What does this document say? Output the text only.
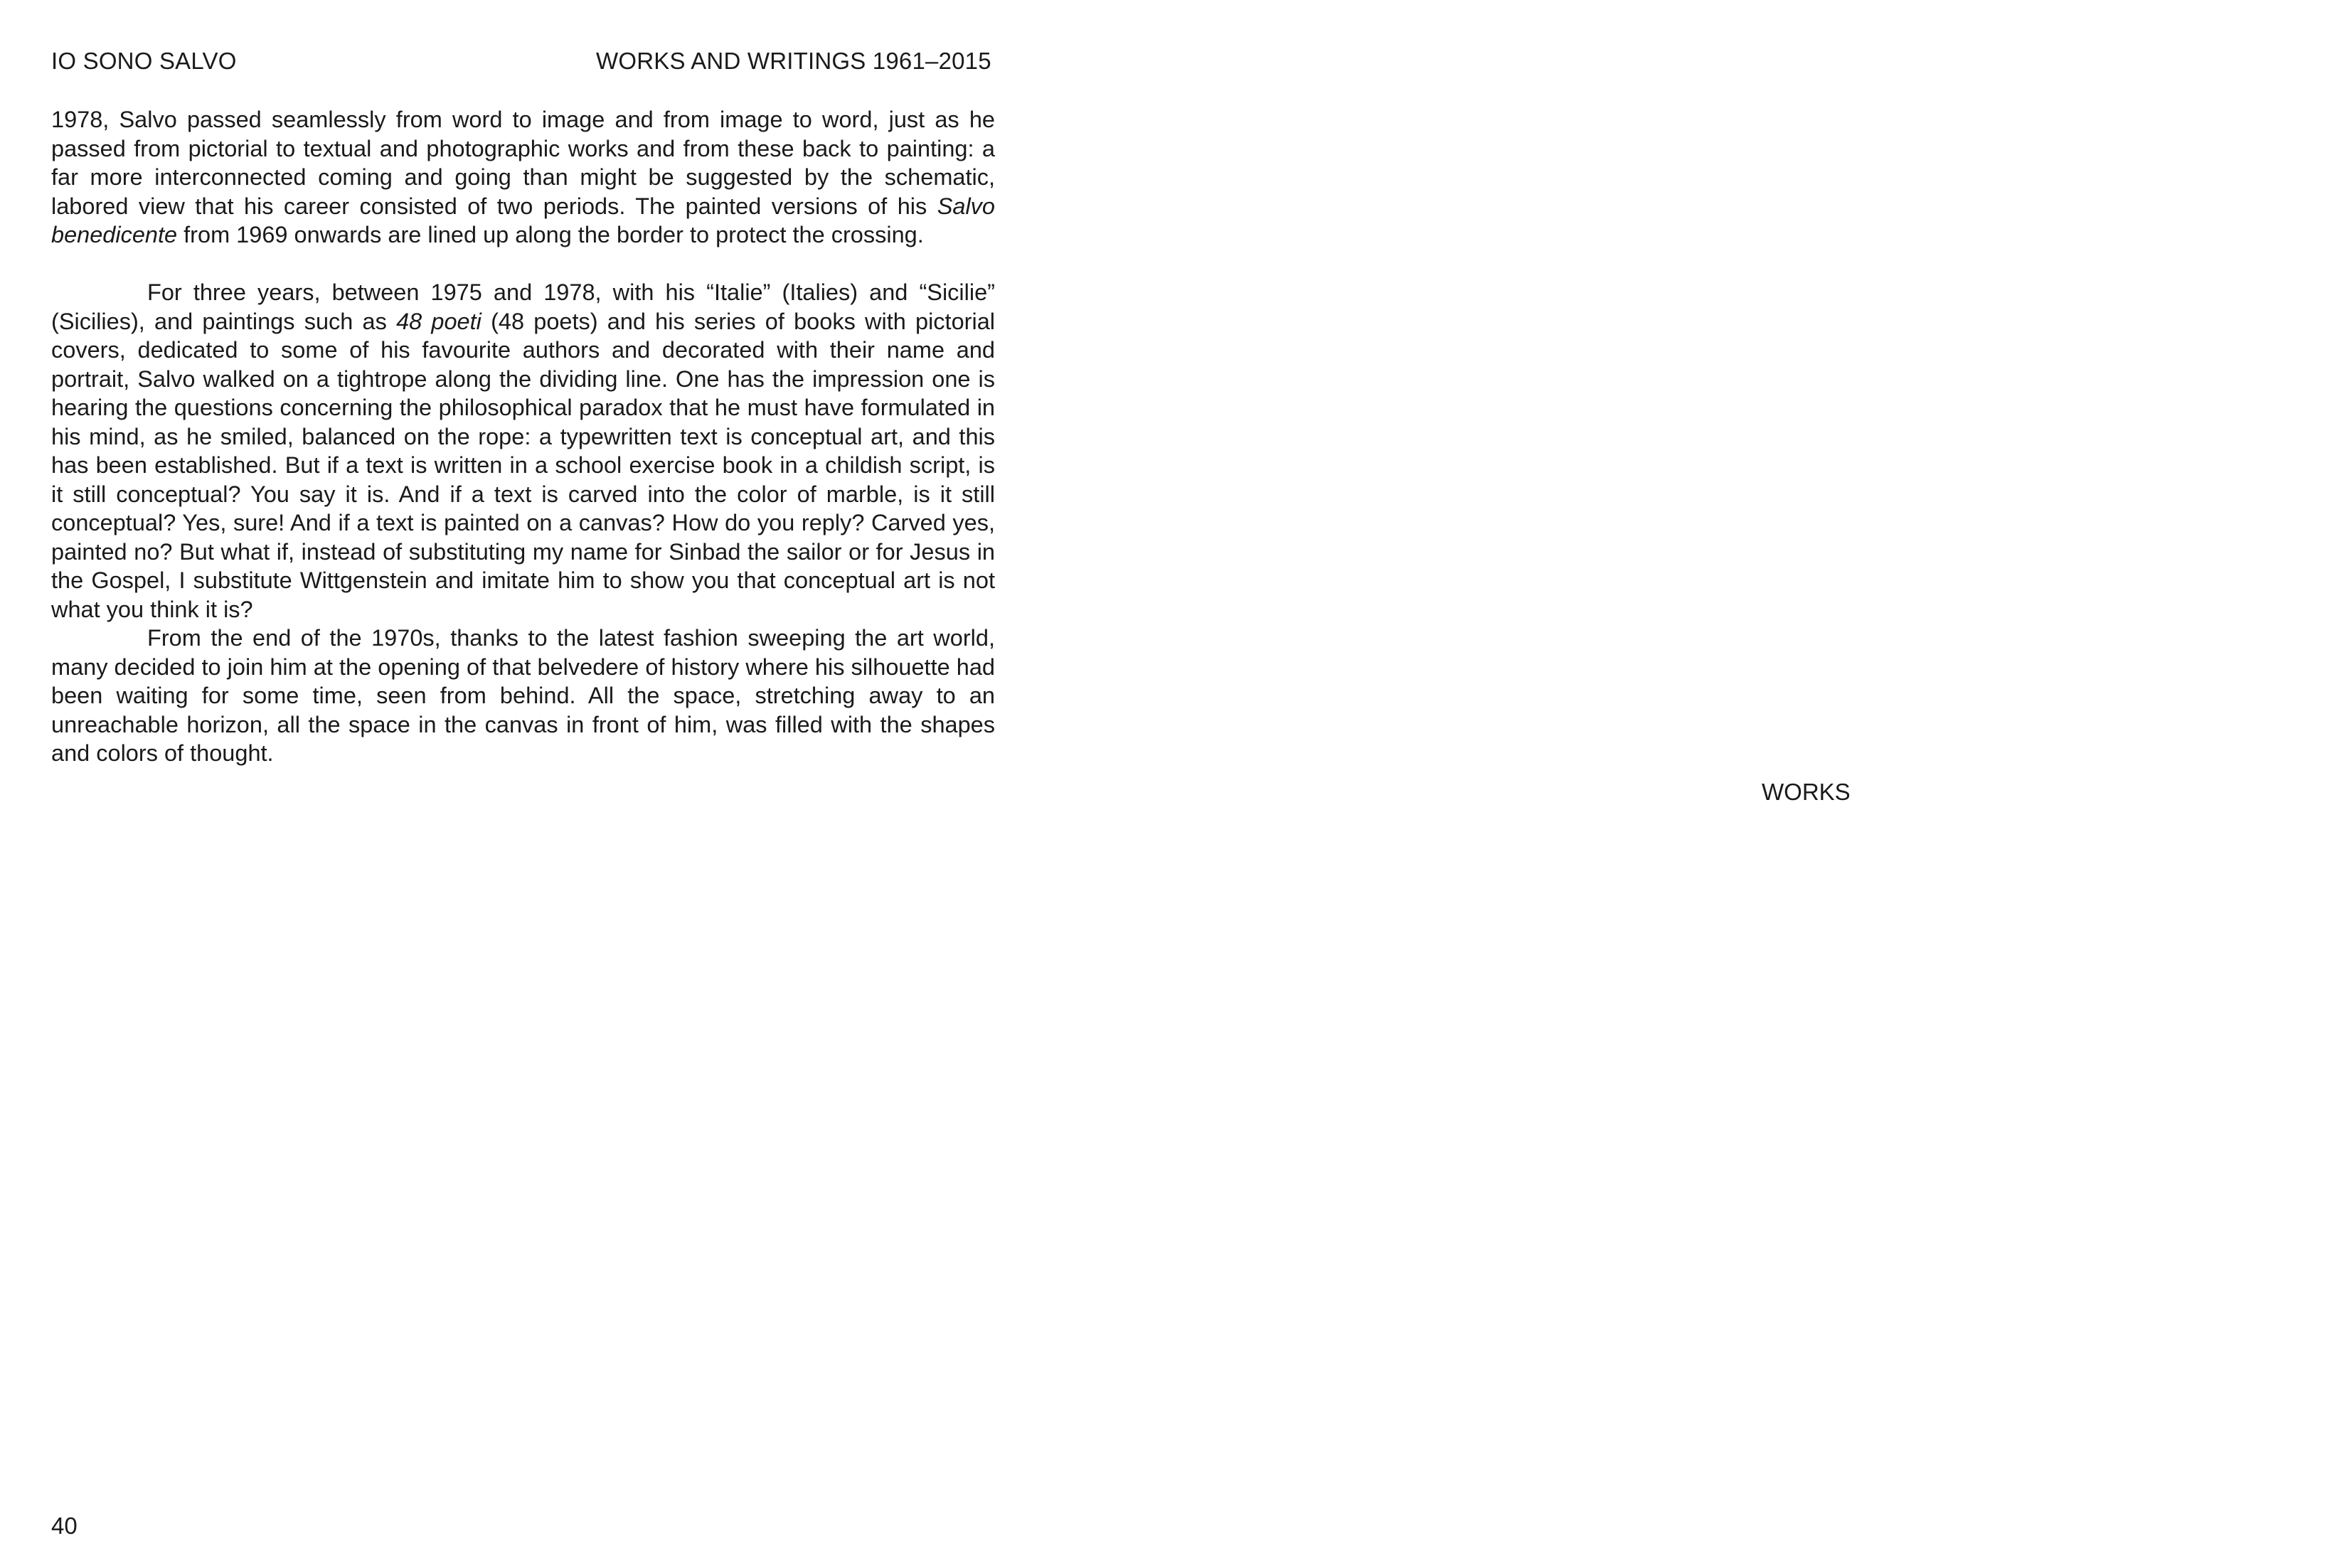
IO SONO SALVO	WORKS AND WRITINGS 1961–2015

1978, Salvo passed seamlessly from word to image and from image to word, just as he passed from pictorial to textual and photographic works and from these back to painting: a far more interconnected coming and going than might be suggested by the schematic, labored view that his career consisted of two periods. The painted versions of his Salvo benedicente from 1969 onwards are lined up along the border to protect the crossing.

For three years, between 1975 and 1978, with his “Italie” (Italies) and “Sicilie” (Sicilies), and paintings such as 48 poeti (48 poets) and his series of books with pictorial covers, dedicated to some of his favourite authors and decorated with their name and portrait, Salvo walked on a tightrope along the dividing line. One has the impression one is hearing the questions concerning the philosophical paradox that he must have formulated in his mind, as he smiled, balanced on the rope: a typewritten text is conceptual art, and this has been established. But if a text is written in a school exercise book in a childish script, is it still conceptual? You say it is. And if a text is carved into the color of marble, is it still conceptual? Yes, sure! And if a text is painted on a canvas? How do you reply? Carved yes, painted no? But what if, instead of substituting my name for Sinbad the sailor or for Jesus in the Gospel, I substitute Wittgenstein and imitate him to show you that conceptual art is not what you think it is?

From the end of the 1970s, thanks to the latest fashion sweeping the art world, many decided to join him at the opening of that belvedere of history where his silhouette had been waiting for some time, seen from behind. All the space, stretching away to an unreachable horizon, all the space in the canvas in front of him, was filled with the shapes and colors of thought.

WORKS
40
